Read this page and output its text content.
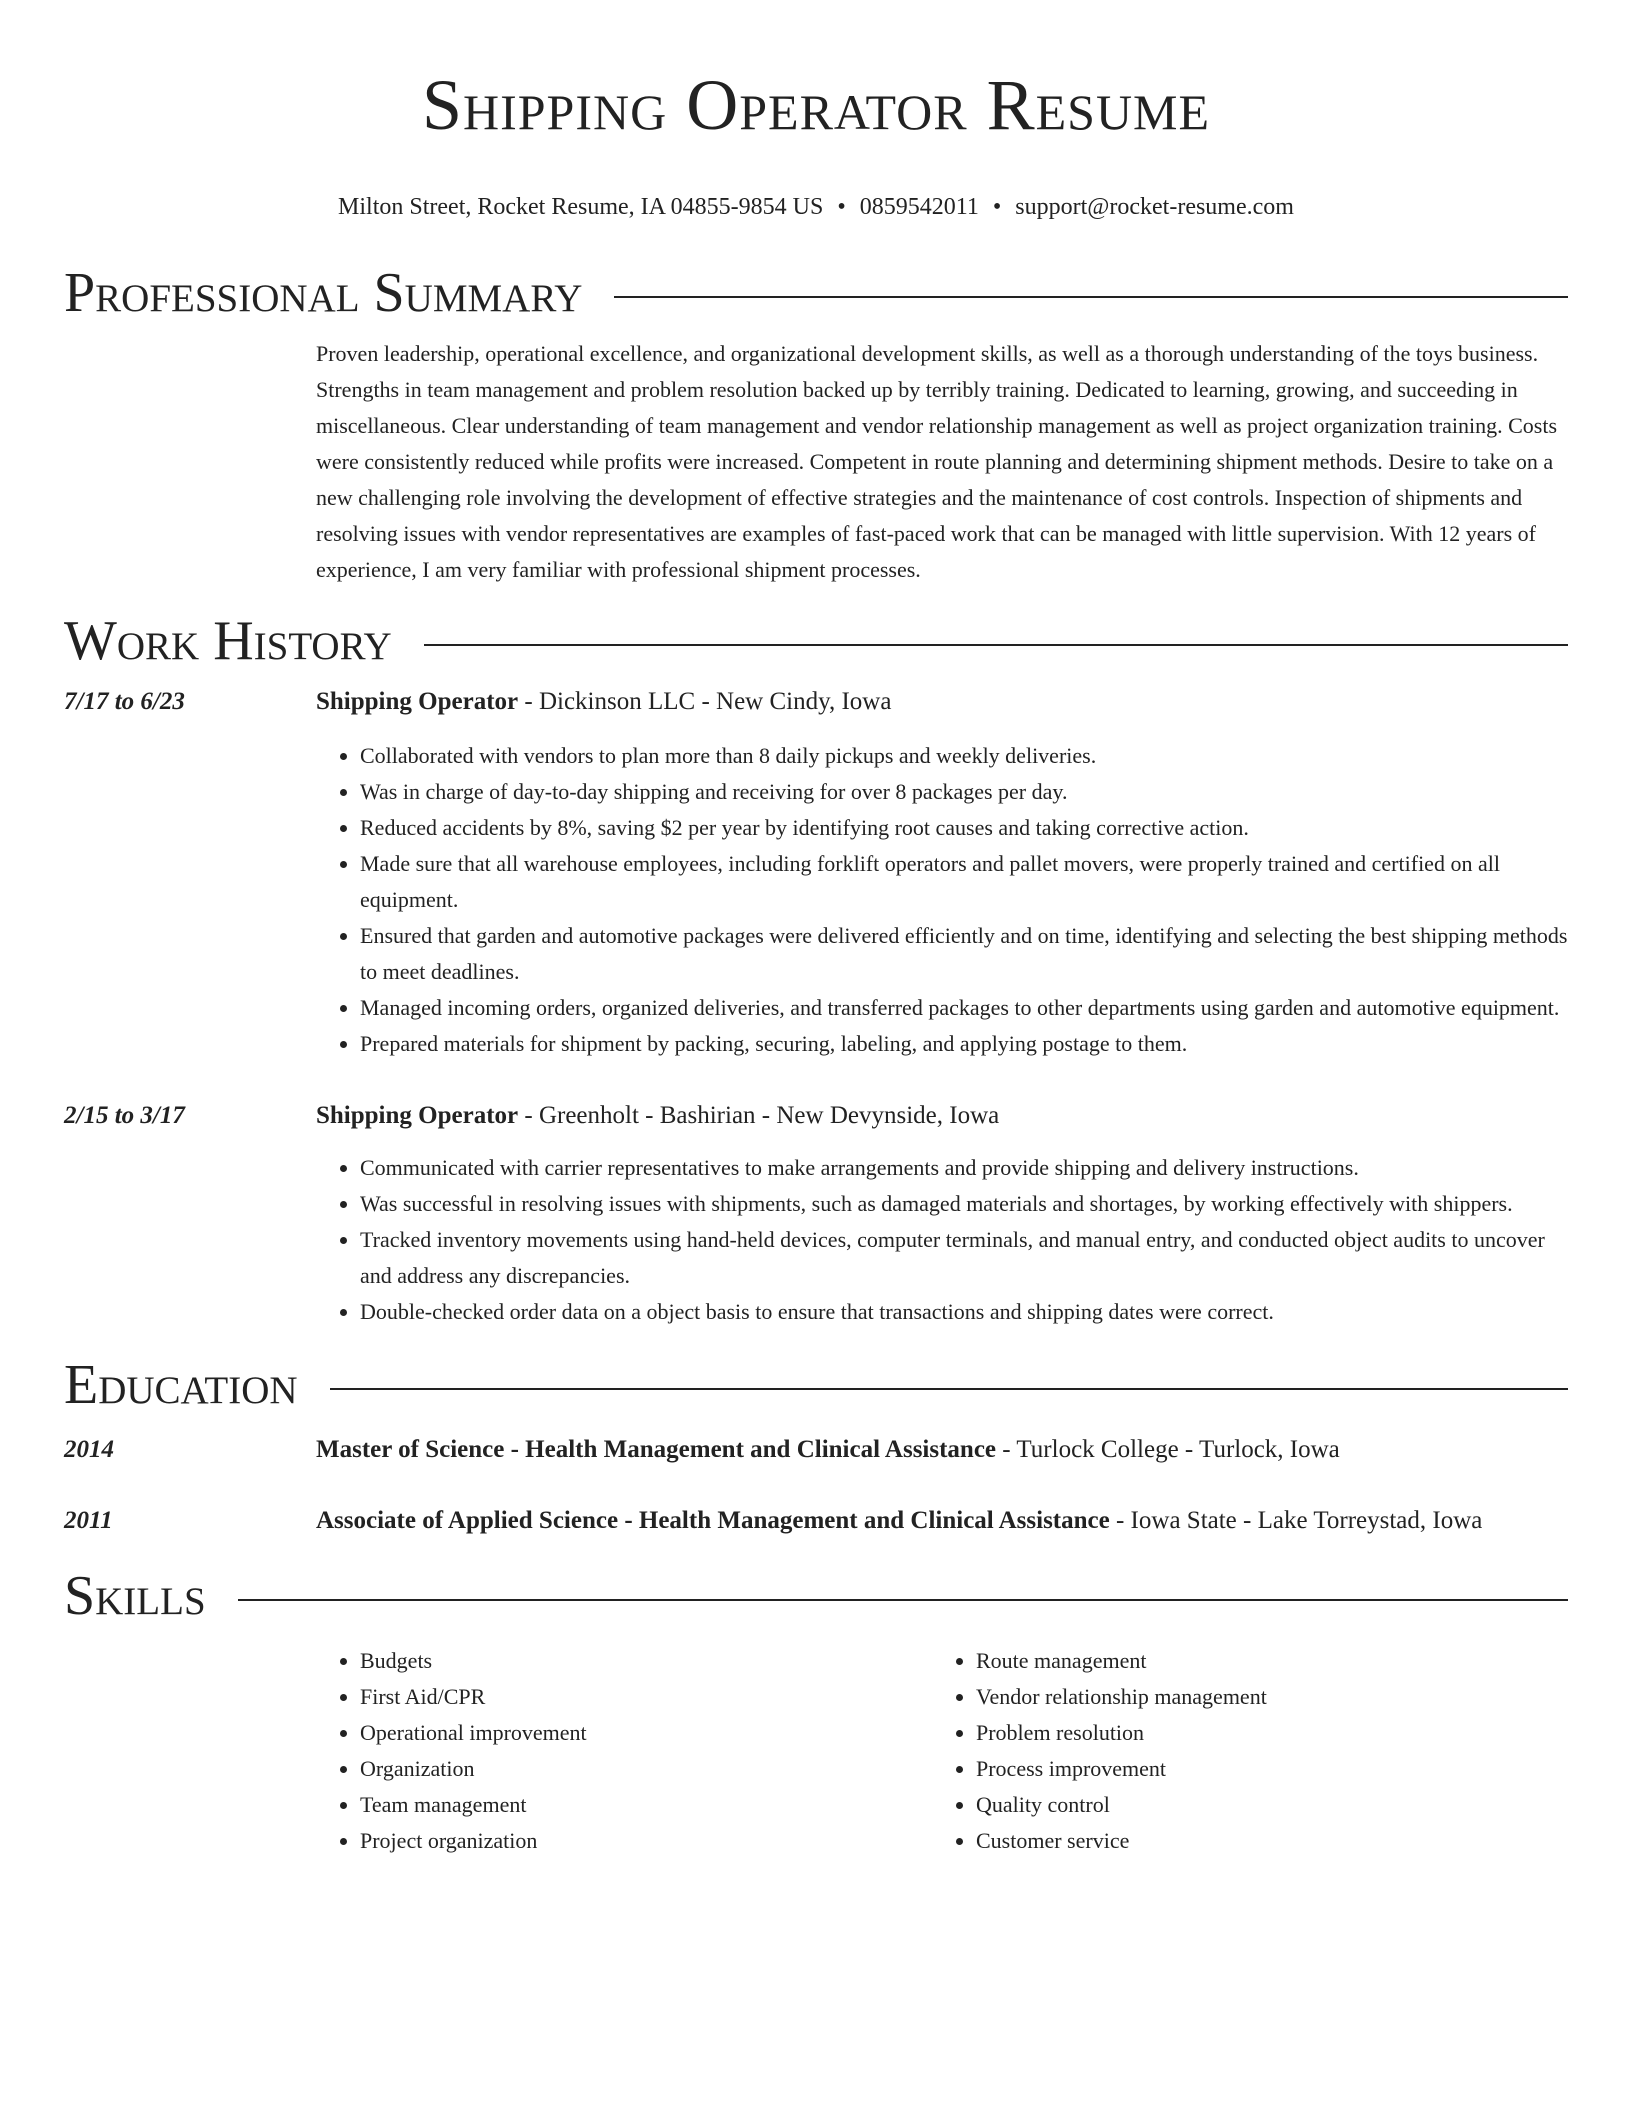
Shipping Operator Resume
Milton Street, Rocket Resume, IA 04855-9854 US • 0859542011 • support@rocket-resume.com
Professional Summary
Proven leadership, operational excellence, and organizational development skills, as well as a thorough understanding of the toys business. Strengths in team management and problem resolution backed up by terribly training. Dedicated to learning, growing, and succeeding in miscellaneous. Clear understanding of team management and vendor relationship management as well as project organization training. Costs were consistently reduced while profits were increased. Competent in route planning and determining shipment methods. Desire to take on a new challenging role involving the development of effective strategies and the maintenance of cost controls. Inspection of shipments and resolving issues with vendor representatives are examples of fast-paced work that can be managed with little supervision. With 12 years of experience, I am very familiar with professional shipment processes.
Work History
7/17 to 6/23	Shipping Operator - Dickinson LLC - New Cindy, Iowa
• Collaborated with vendors to plan more than 8 daily pickups and weekly deliveries.
• Was in charge of day-to-day shipping and receiving for over 8 packages per day.
• Reduced accidents by 8%, saving $2 per year by identifying root causes and taking corrective action.
• Made sure that all warehouse employees, including forklift operators and pallet movers, were properly trained and certified on all equipment.
• Ensured that garden and automotive packages were delivered efficiently and on time, identifying and selecting the best shipping methods to meet deadlines.
• Managed incoming orders, organized deliveries, and transferred packages to other departments using garden and automotive equipment.
• Prepared materials for shipment by packing, securing, labeling, and applying postage to them.
2/15 to 3/17	Shipping Operator - Greenholt - Bashirian - New Devynside, Iowa
• Communicated with carrier representatives to make arrangements and provide shipping and delivery instructions.
• Was successful in resolving issues with shipments, such as damaged materials and shortages, by working effectively with shippers.
• Tracked inventory movements using hand-held devices, computer terminals, and manual entry, and conducted object audits to uncover and address any discrepancies.
• Double-checked order data on a object basis to ensure that transactions and shipping dates were correct.
Education
2014	Master of Science - Health Management and Clinical Assistance - Turlock College - Turlock, Iowa
2011	Associate of Applied Science - Health Management and Clinical Assistance - Iowa State - Lake Torreystad, Iowa
Skills
• Budgets
• First Aid/CPR
• Operational improvement
• Organization
• Team management
• Project organization
• Route management
• Vendor relationship management
• Problem resolution
• Process improvement
• Quality control
• Customer service
